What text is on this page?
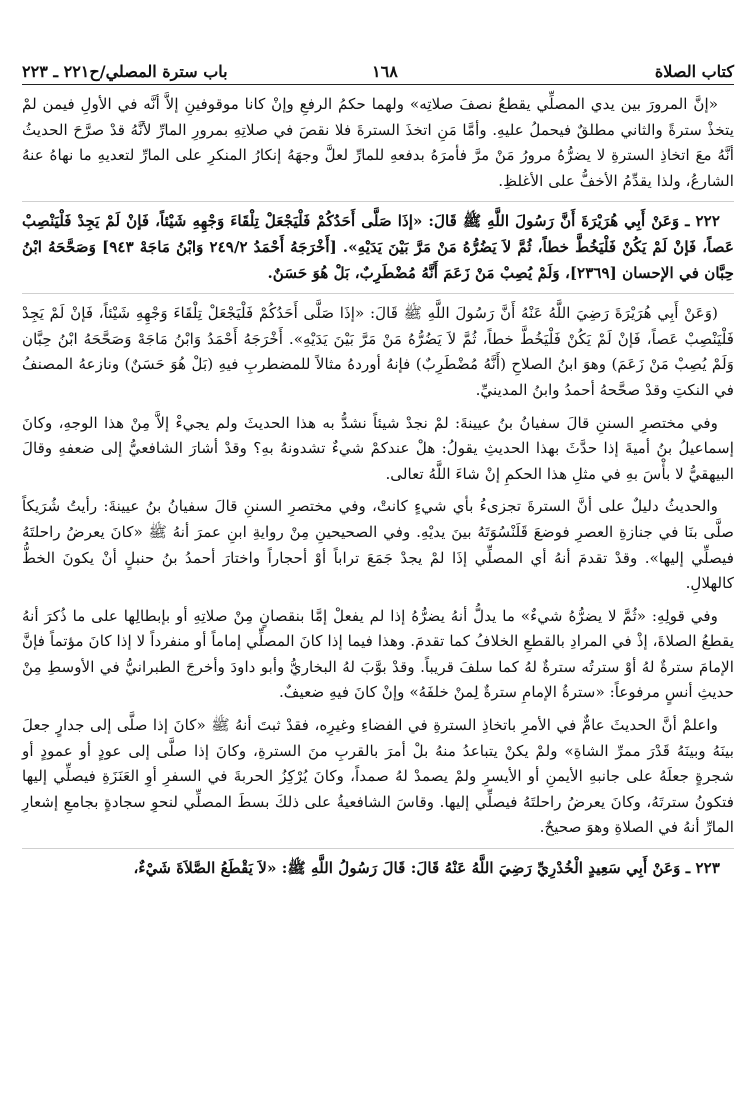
كتاب الصلاة
١٦٨
باب سترة المصلي/ح٢٢١ ـ ٢٢٣

«إنَّ المرورَ بين يدي المصلِّي يقطعُ نصفَ صلاتِه» ولهما حكمُ الرفعِ وإنْ كانا موقوفينِ إلاَّ أنَّه في الأولِ فيمن لمْ يتخذْ سترةً والثاني مطلقٌ فيحملُ عليهِ. وأمَّا مَنِ اتخذَ السترةَ فلا نقصَ في صلاتِهِ بمرورِ المارِّ لأنَّهُ قدْ صرَّحَ الحديثُ أنَّهُ معَ اتخاذِ السترةِ لا يضرُّهُ مرورُ مَنْ مرَّ فأمرَهُ بدفعهِ للمارِّ لعلَّ وجهَهُ إنكارُ المنكرِ على المارِّ لتعديهِ ما نهاهُ عنهُ الشارعُ، ولذا يقدِّمُ الأخفُّ على الأغلظِ.

٢٢٢ ـ وَعَنْ أَبِي هُرَيْرَةَ أَنَّ رَسُولَ اللَّهِ ﷺ قَالَ: «إذَا صَلَّى أَحَدُكُمْ فَلْيَجْعَلْ تِلْقَاءَ وَجْهِهِ شَيْئاً، فَإنْ لَمْ يَجِدْ فَلْيَنْصِبْ عَصاً، فَإنْ لَمْ يَكُنْ فَلْيَخُطَّ خطاً، ثُمَّ لاَ يَضُرُّهُ مَنْ مَرَّ بَيْنَ يَدَيْهِ». [أَخْرَجَهُ أَحْمَدُ ٢٤٩/٢ وَابْنُ مَاجَهْ ٩٤٣] وَصَحَّحَهُ ابْنُ حِبَّان في الإحسان [٢٣٦٩]، وَلَمْ يُصِبْ مَنْ زَعَمَ أَنَّهُ مُضْطَرِبٌ، بَلْ هُوَ حَسَنٌ.

(وَعَنْ أَبِي هُرَيْرَةَ رَضِيَ اللَّهُ عَنْهُ أَنَّ رَسُولَ اللَّهِ ﷺ قَالَ: «إذَا صَلَّى أَحَدُكُمْ فَلْيَجْعَلْ تِلْقَاءَ وَجْهِهِ شَيْئاً، فَإنْ لَمْ يَجِدْ فَلْيَنْصِبْ عَصاً، فَإنْ لَمْ يَكُنْ فَلْيَخُطَّ خطاً، ثُمَّ لاَ يَضُرُّهُ مَنْ مَرَّ بَيْنَ يَدَيْهِ». أَخْرَجَهُ أَحْمَدُ وَابْنُ مَاجَهْ وَصَحَّحَهُ ابْنُ حِبَّان وَلَمْ يُصِبْ مَنْ زَعَمَ) وهوَ ابنُ الصلاحِ (أَنَّهُ مُضْطَرِبٌ) فإنهُ أوردهُ مثالاً للمضطربِ فيهِ (بَلْ هُوَ حَسَنٌ) ونازعهُ المصنفُ في النكتِ وقدْ صحَّحهُ أحمدُ وابنُ المدينيِّ.

وفي مختصرِ السننِ قالَ سفيانُ بنُ عيينةَ: لمْ نجدْ شيئاً نشدُّ به هذا الحديثَ ولم يجيءْ إلاَّ مِنْ هذا الوجهِ، وكانَ إسماعيلُ بنُ أميةَ إذا حدَّثَ بهذا الحديثِ يقولُ: هلْ عندكمْ شيءٌ تشدونهُ بهِ؟ وقدْ أشارَ الشافعيُّ إلى ضعفهِ وقالَ البيهقيُّ لا بأْسَ بهِ في مثلِ هذا الحكمِ إنْ شاءَ اللَّهُ تعالى.

والحديثُ دليلٌ على أنَّ السترةَ تجزىءُ بأي شيءٍ كانتْ، وفي مختصرِ السننِ قالَ سفيانُ بنُ عيينةَ: رأيتُ شُرَيكاً صلَّى بنَا في جنازةِ العصرِ فوضعَ قَلَنْسُوَتَهُ بينَ يديْهِ. وفي الصحيحينِ مِنْ روايةِ ابنِ عمرَ أنهُ ﷺ «كانَ يعرضُ راحلتَهُ فيصلِّي إليها». وقدْ تقدمَ أنهُ أي المصلِّي إذَا لمْ يجدْ جَمَعَ تراباً أوْ أحجاراً واختارَ أحمدُ بنُ حنبلٍ أنْ يكونَ الخطُّ كالهلالِ.

وفي قولِهِ: «ثُمَّ لا يضرُّهُ شيءٌ» ما يدلُّ أنهُ يضرُّهُ إذا لم يفعلْ إمَّا بنقصانٍ مِنْ صلاتِهِ أو بإبطالِها على ما ذُكرَ أنهُ يقطعُ الصلاةَ، إذْ في المرادِ بالقطعِ الخلافُ كما تقدمَ. وهذا فيما إذا كانَ المصلِّي إماماً أو منفرداً لا إذا كانَ مؤتماً فإنَّ الإمامَ سترةٌ لهُ أوْ سترتُه سترةٌ لهُ كما سلفَ قريباً. وقدْ بوَّبَ لهُ البخاريُّ وأبو داودَ وأخرجَ الطبرانيُّ في الأوسطِ مِنْ حديثِ أنسٍ مرفوعاً: «سترةُ الإمامِ سترةٌ لِمنْ خلفَهُ» وإنْ كانَ فيهِ ضعيفٌ.

واعلمْ أنَّ الحديثَ عامٌّ في الأمرِ باتخاذِ السترةِ في الفضاءِ وغيرِه، فقدْ ثبتَ أنهُ ﷺ «كانَ إذا صلَّى إلى جدارٍ جعلَ بينَهُ وبينَهُ قَدْرَ ممرِّ الشاةِ» ولمْ يكنْ يتباعدُ منهُ بلْ أمرَ بالقربِ منَ السترةِ، وكانَ إذا صلَّى إلى عودٍ أو عمودٍ أو شجرةٍ جعلَهُ على جانبهِ الأيمنِ أو الأيسرِ ولمْ يصمدْ لهُ صمداً، وكانَ يُرْكِزُ الحربةَ في السفرِ أوِ العَنَزَةِ فيصلِّي إليها فتكونُ سترتَهُ، وكانَ يعرضُ راحلتَهُ فيصلِّي إليها. وقاسَ الشافعيةُ على ذلكَ بسطَ المصلِّي لنحوِ سجادةٍ بجامعِ إشعارِ المارِّ أنهُ في الصلاةِ وهوَ صحيحٌ.

٢٢٣ ـ وَعَنْ أَبِي سَعِيدٍ الْخُدْرِيِّ رَضِيَ اللَّهُ عَنْهُ قَالَ: قَالَ رَسُولُ اللَّهِ ﷺ: «لاَ يَقْطَعُ الصَّلاَةَ شَيْءٌ،
